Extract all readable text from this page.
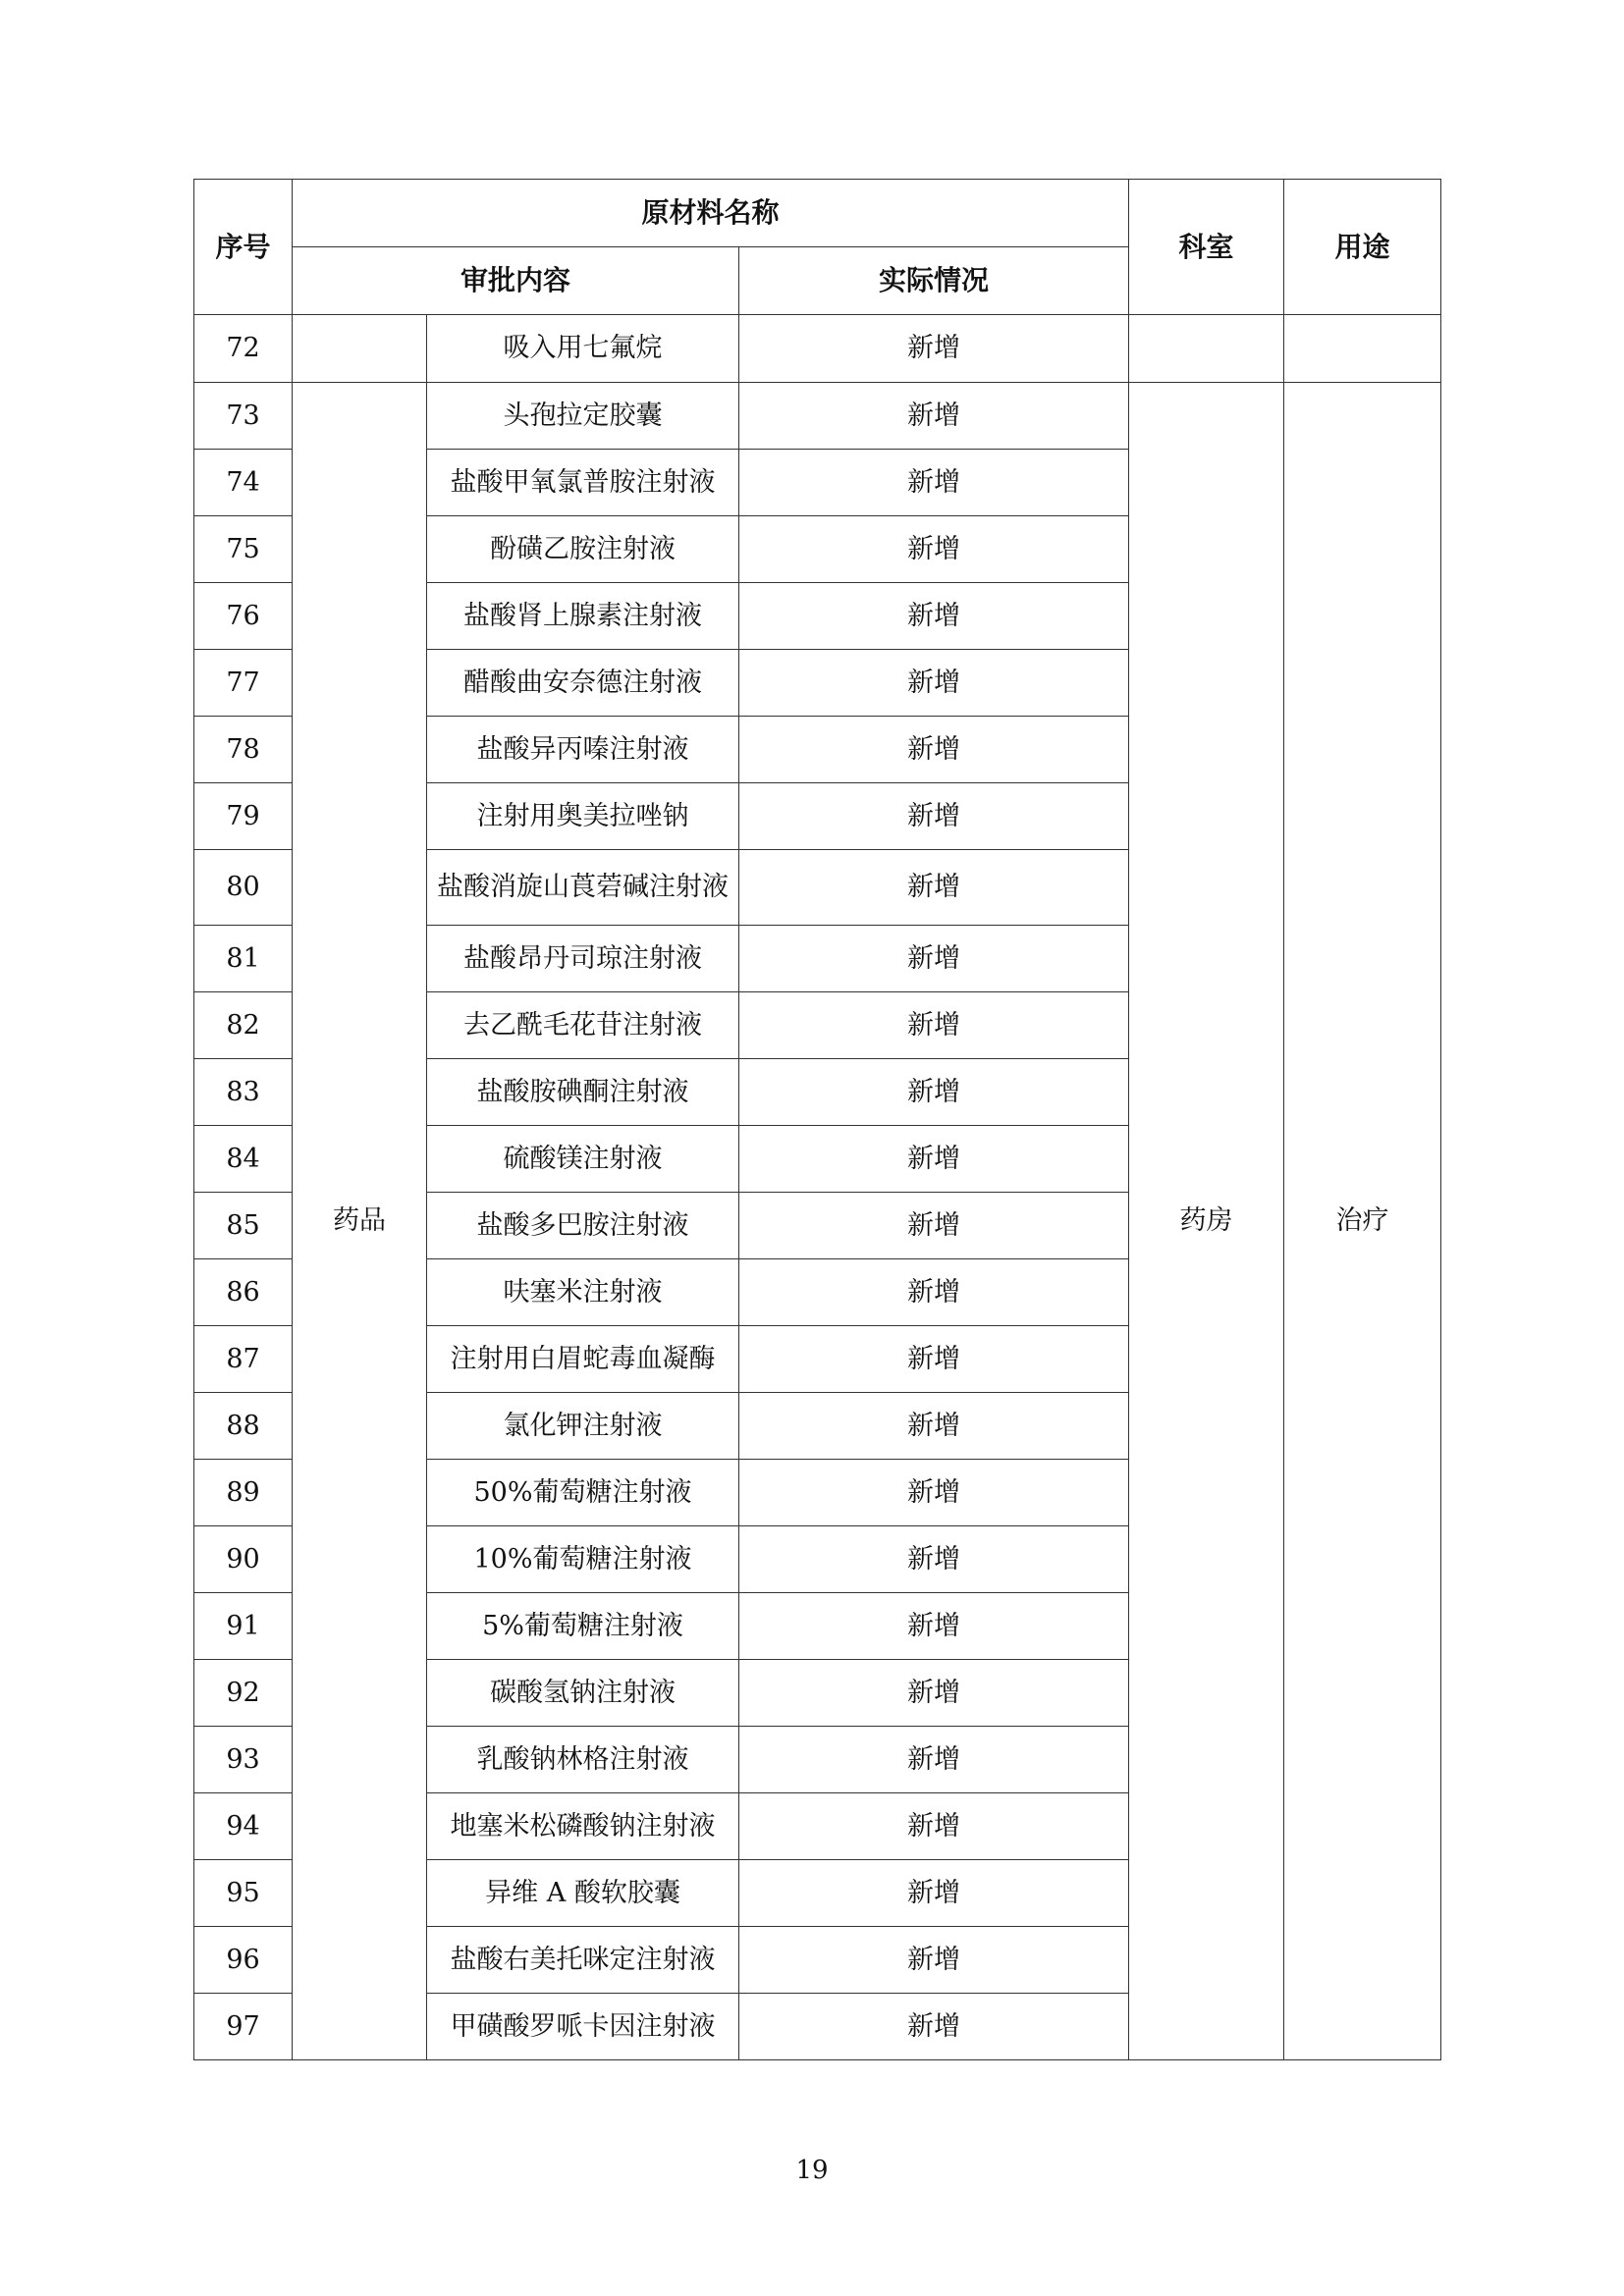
序号	原材料名称			科室	用途
	审批内容		实际情况		
72		吸入用七氟烷	新增		
73	药品	头孢拉定胶囊	新增	药房	治疗
74		盐酸甲氧氯普胺注射液	新增		
75		酚磺乙胺注射液	新增		
76		盐酸肾上腺素注射液	新增		
77		醋酸曲安奈德注射液	新增		
78		盐酸异丙嗪注射液	新增		
79		注射用奥美拉唑钠	新增		
80		盐酸消旋山莨菪碱注射液	新增		
81		盐酸昂丹司琼注射液	新增		
82		去乙酰毛花苷注射液	新增		
83		盐酸胺碘酮注射液	新增		
84		硫酸镁注射液	新增		
85		盐酸多巴胺注射液	新增		
86		呋塞米注射液	新增		
87		注射用白眉蛇毒血凝酶	新增		
88		氯化钾注射液	新增		
89		50%葡萄糖注射液	新增		
90		10%葡萄糖注射液	新增		
91		5%葡萄糖注射液	新增		
92		碳酸氢钠注射液	新增		
93		乳酸钠林格注射液	新增		
94		地塞米松磷酸钠注射液	新增		
95		异维 A 酸软胶囊	新增		
96		盐酸右美托咪定注射液	新增		
97		甲磺酸罗哌卡因注射液	新增		
19
